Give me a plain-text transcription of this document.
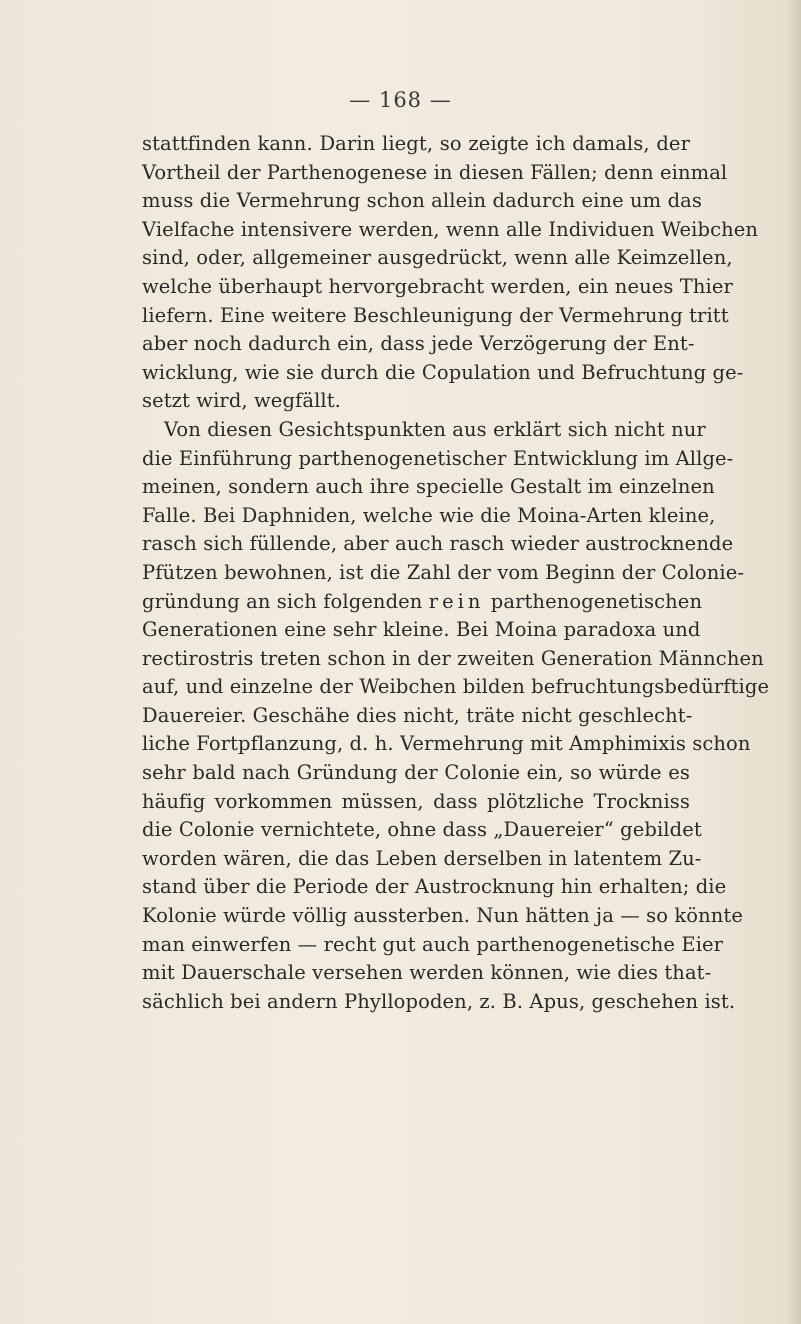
— 168 —
stattfinden kann. Darin liegt, so zeigte ich damals, der
Vortheil der Parthenogenese in diesen Fällen; denn einmal
muss die Vermehrung schon allein dadurch eine um das
Vielfache intensivere werden, wenn alle Individuen Weibchen
sind, oder, allgemeiner ausgedrückt, wenn alle Keimzellen,
welche überhaupt hervorgebracht werden, ein neues Thier
liefern. Eine weitere Beschleunigung der Vermehrung tritt
aber noch dadurch ein, dass jede Verzögerung der Ent-
wicklung, wie sie durch die Copulation und Befruchtung ge-
setzt wird, wegfällt.
Von diesen Gesichtspunkten aus erklärt sich nicht nur
die Einführung parthenogenetischer Entwicklung im Allge-
meinen, sondern auch ihre specielle Gestalt im einzelnen
Falle. Bei Daphniden, welche wie die Moina-Arten kleine,
rasch sich füllende, aber auch rasch wieder austrocknende
Pfützen bewohnen, ist die Zahl der vom Beginn der Colonie-
gründung an sich folgenden rein parthenogenetischen
Generationen eine sehr kleine. Bei Moina paradoxa und
rectirostris treten schon in der zweiten Generation Männchen
auf, und einzelne der Weibchen bilden befruchtungsbedürftige
Dauereier. Geschähe dies nicht, träte nicht geschlecht-
liche Fortpflanzung, d. h. Vermehrung mit Amphimixis schon
sehr bald nach Gründung der Colonie ein, so würde es
häufig vorkommen müssen, dass plötzliche Trockniss
die Colonie vernichtete, ohne dass „Dauereier“ gebildet
worden wären, die das Leben derselben in latentem Zu-
stand über die Periode der Austrocknung hin erhalten; die
Kolonie würde völlig aussterben. Nun hätten ja — so könnte
man einwerfen — recht gut auch parthenogenetische Eier
mit Dauerschale versehen werden können, wie dies that-
sächlich bei andern Phyllopoden, z. B. Apus, geschehen ist.
